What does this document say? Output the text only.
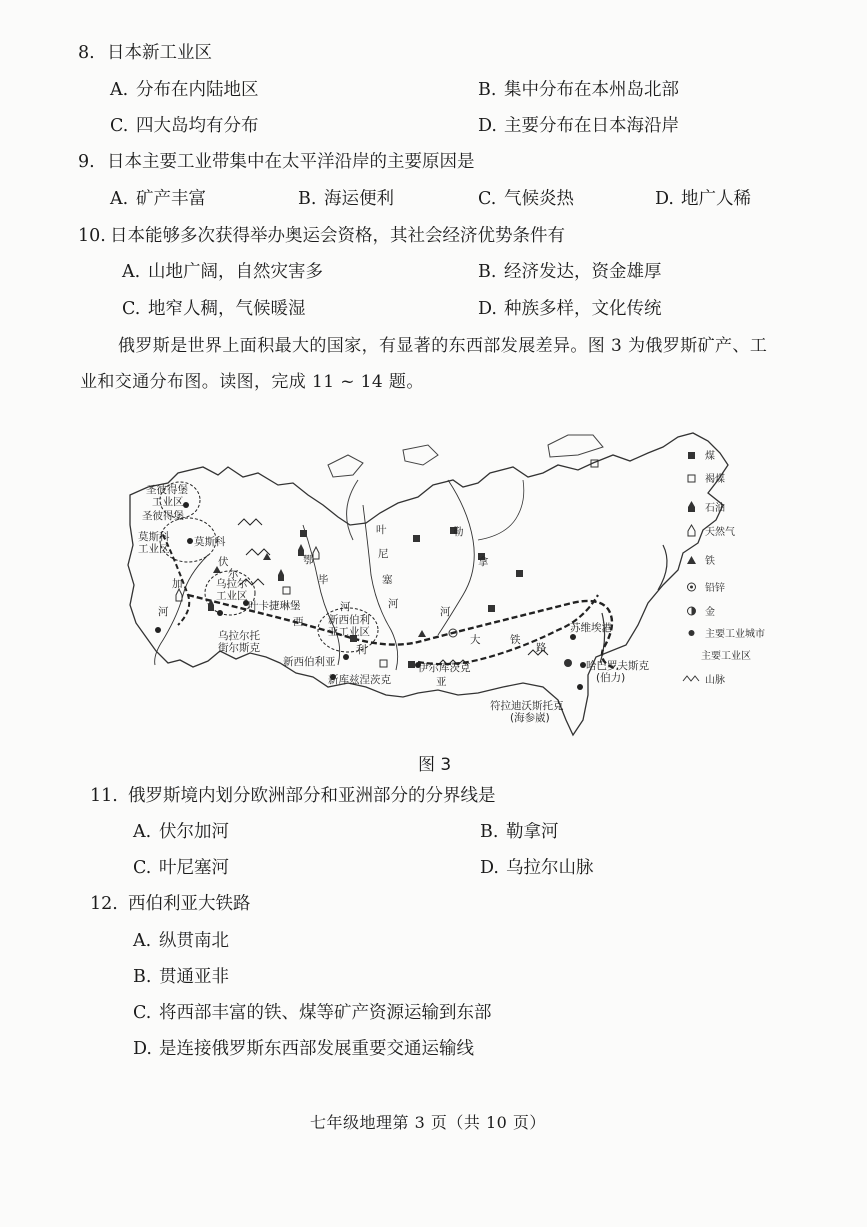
8. 日本新工业区
A. 分布在内陆地区	B. 集中分布在本州岛北部
C. 四大岛均有分布	D. 主要分布在日本海沿岸
9. 日本主要工业带集中在太平洋沿岸的主要原因是
A. 矿产丰富	B. 海运便利	C. 气候炎热	D. 地广人稀
10. 日本能够多次获得举办奥运会资格，其社会经济优势条件有
A. 山地广阔，自然灾害多	B. 经济发达，资金雄厚
C. 地窄人稠，气候暖湿	D. 种族多样，文化传统
俄罗斯是世界上面积最大的国家，有显著的东西部发展差异。图 3 为俄罗斯矿产、工
业和交通分布图。读图，完成 11 ~ 14 题。
圣彼得堡
工业区
圣彼得堡
莫斯科
工业区
莫斯科
伏
尔
加
河
乌拉尔
工业区
叶卡捷琳堡
乌拉尔托
街尔斯克
鄂
毕
河
叶
尼
塞
河
勒
拿
河
新西伯利
亚工业区
西
新西伯利亚
新库兹涅茨克
伊尔库茨克
亚
利
铁
路
大
苏维埃港
哈巴罗夫斯克
(伯力)
符拉迪沃斯托克
(海参崴)
煤
褐煤
石油
天然气
铁
铅锌
金
主要工业城市
主要工业区
山脉
图 3
11. 俄罗斯境内划分欧洲部分和亚洲部分的分界线是
A. 伏尔加河	B. 勒拿河
C. 叶尼塞河	D. 乌拉尔山脉
12. 西伯利亚大铁路
A. 纵贯南北
B. 贯通亚非
C. 将西部丰富的铁、煤等矿产资源运输到东部
D. 是连接俄罗斯东西部发展重要交通运输线
七年级地理第 3 页（共 10 页）
